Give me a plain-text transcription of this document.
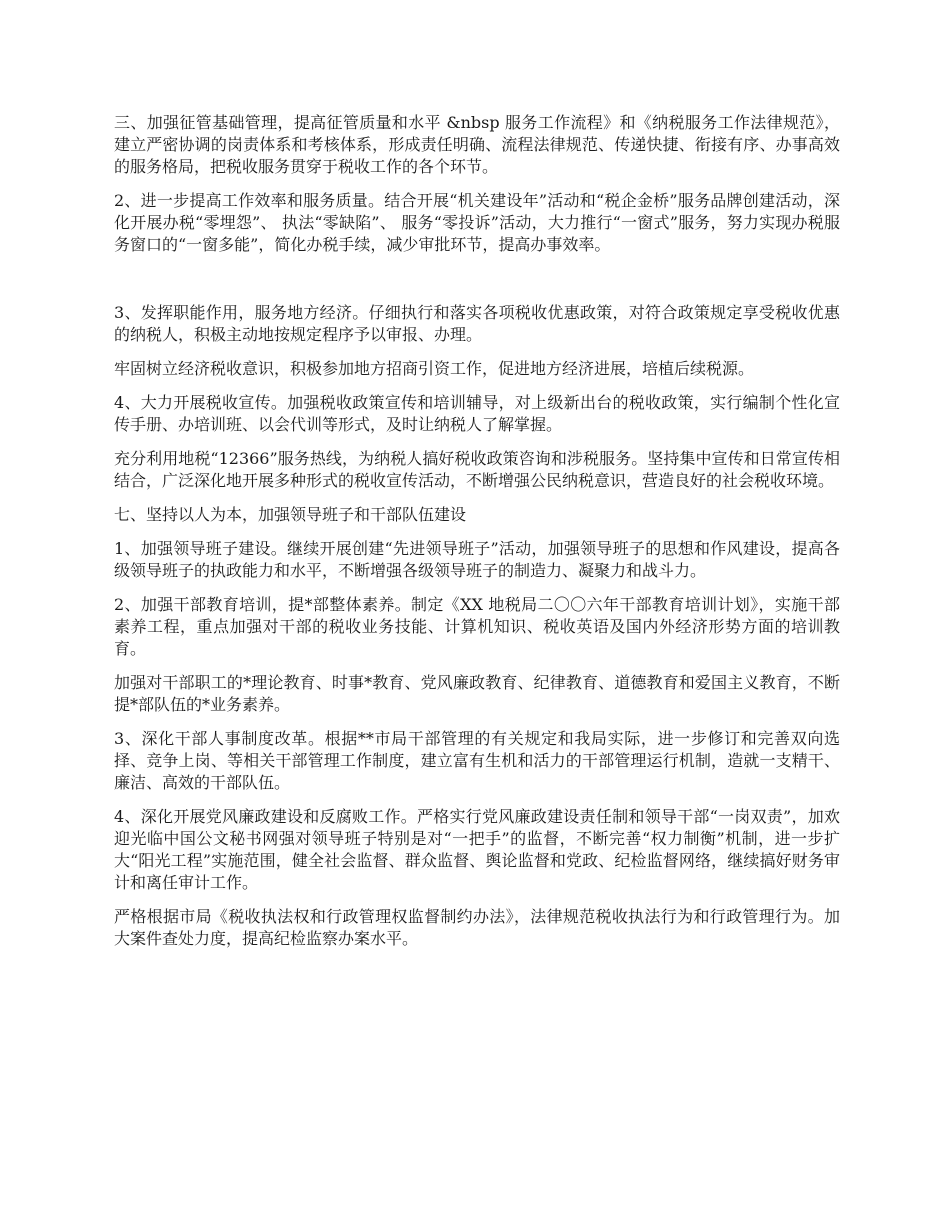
三、加强征管基础管理，提高征管质量和水平 &nbsp 服务工作流程》和《纳税服务工作法律规范》，建立严密协调的岗责体系和考核体系，形成责任明确、流程法律规范、传递快捷、衔接有序、办事高效的服务格局，把税收服务贯穿于税收工作的各个环节。

2、进一步提高工作效率和服务质量。结合开展“机关建设年”活动和“税企金桥”服务品牌创建活动，深化开展办税“零埋怨”、 执法“零缺陷”、 服务“零投诉”活动，大力推行“一窗式”服务，努力实现办税服务窗口的“一窗多能”，简化办税手续，减少审批环节，提高办事效率。

3、发挥职能作用，服务地方经济。仔细执行和落实各项税收优惠政策，对符合政策规定享受税收优惠的纳税人，积极主动地按规定程序予以审报、办理。

牢固树立经济税收意识，积极参加地方招商引资工作，促进地方经济进展，培植后续税源。

4、大力开展税收宣传。加强税收政策宣传和培训辅导，对上级新出台的税收政策，实行编制个性化宣传手册、办培训班、以会代训等形式，及时让纳税人了解掌握。

充分利用地税“12366”服务热线，为纳税人搞好税收政策咨询和涉税服务。坚持集中宣传和日常宣传相结合，广泛深化地开展多种形式的税收宣传活动，不断增强公民纳税意识，营造良好的社会税收环境。

七、坚持以人为本，加强领导班子和干部队伍建设

1、加强领导班子建设。继续开展创建“先进领导班子”活动，加强领导班子的思想和作风建设，提高各级领导班子的执政能力和水平，不断增强各级领导班子的制造力、凝聚力和战斗力。

2、加强干部教育培训，提*部整体素养。制定《XX 地税局二〇〇六年干部教育培训计划》，实施干部素养工程，重点加强对干部的税收业务技能、计算机知识、税收英语及国内外经济形势方面的培训教育。

加强对干部职工的*理论教育、时事*教育、党风廉政教育、纪律教育、道德教育和爱国主义教育，不断提*部队伍的*业务素养。

3、深化干部人事制度改革。根据**市局干部管理的有关规定和我局实际，进一步修订和完善双向选择、竞争上岗、等相关干部管理工作制度，建立富有生机和活力的干部管理运行机制，造就一支精干、廉洁、高效的干部队伍。

4、深化开展党风廉政建设和反腐败工作。严格实行党风廉政建设责任制和领导干部“一岗双责”，加欢迎光临中国公文秘书网强对领导班子特别是对“一把手”的监督，不断完善“权力制衡”机制，进一步扩大“阳光工程”实施范围，健全社会监督、群众监督、舆论监督和党政、纪检监督网络，继续搞好财务审计和离任审计工作。

严格根据市局《税收执法权和行政管理权监督制约办法》，法律规范税收执法行为和行政管理行为。加大案件查处力度，提高纪检监察办案水平。
